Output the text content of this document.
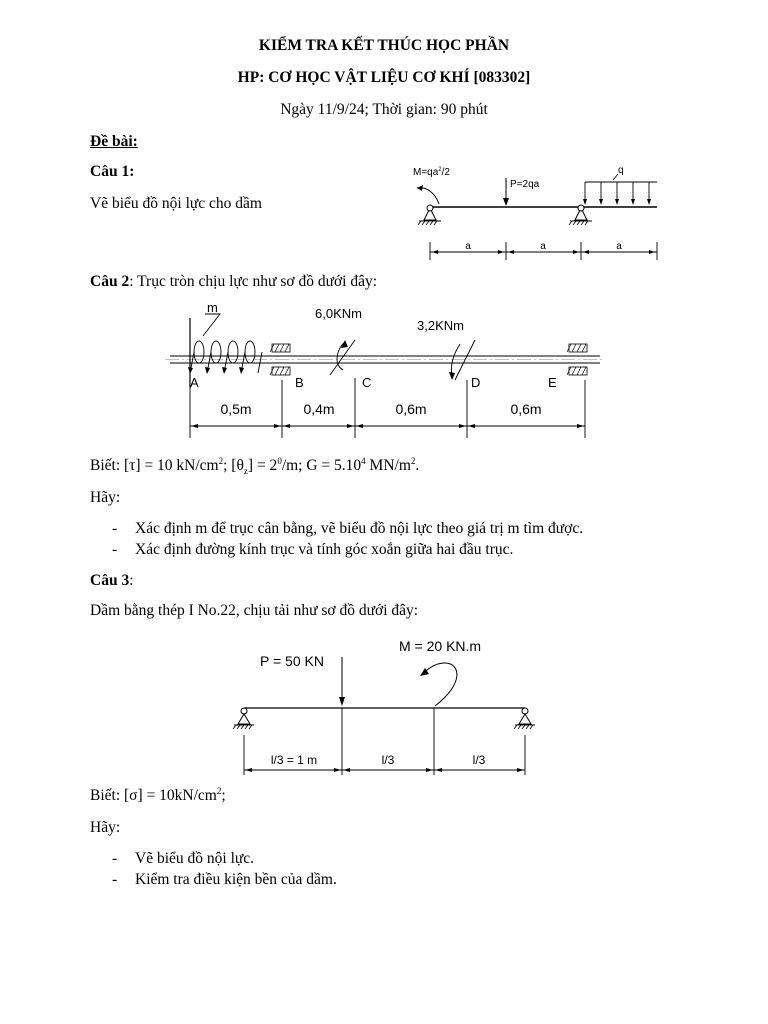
KIỂM TRA KẾT THÚC HỌC PHẦN
HP: CƠ HỌC VẬT LIỆU CƠ KHÍ [083302]
Ngày 11/9/24; Thời gian: 90 phút
Đề bài:
Câu 1:
Vẽ biểu đồ nội lực cho dầm
$M=qa^2/2$
P=2qa
q
a	a	a
Câu 2: Trục tròn chịu lực như sơ đồ dưới đây:
m	6,0KNm
3,2KNm
A	B	C	D	E
0,5m	0,4m	0,6m	0,6m
Biết: [τ] = 10 $kN/cm^2$; $[\theta_z] = 2^0/m$; $G = 5.10^4$ $MN/m^2$.
Hãy:
- Xác định m để trục cân bằng, vẽ biểu đồ nội lực theo giá trị m tìm được.
- Xác định đường kính trục và tính góc xoắn giữa hai đầu trục.
Câu 3:
Dầm bằng thép I No.22, chịu tải như sơ đồ dưới đây:
P = 50 KN
M = 20 KN.m
l/3 = 1 m	l/3	l/3
Biết: $[\sigma] = 10kN/cm^2$;
Hãy:
- Vẽ biểu đồ nội lực.
- Kiểm tra điều kiện bền của dầm.
